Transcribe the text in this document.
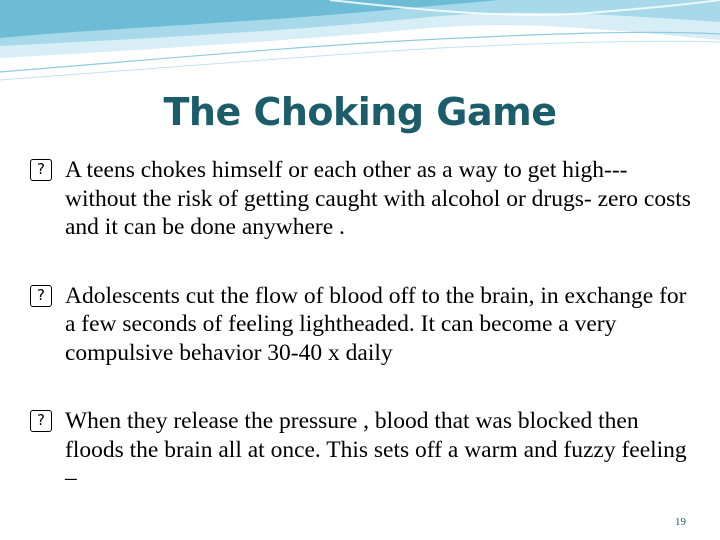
The Choking Game
? A teens chokes himself or each other as a way to get high--- without the risk of getting caught with alcohol or drugs- zero costs and it can be done anywhere .
? Adolescents cut the flow of blood off to the brain, in exchange for a few seconds of feeling lightheaded. It can become a very compulsive behavior 30-40 x daily
? When they release the pressure , blood that was blocked then floods the brain all at once. This sets off a warm and fuzzy feeling –
19
